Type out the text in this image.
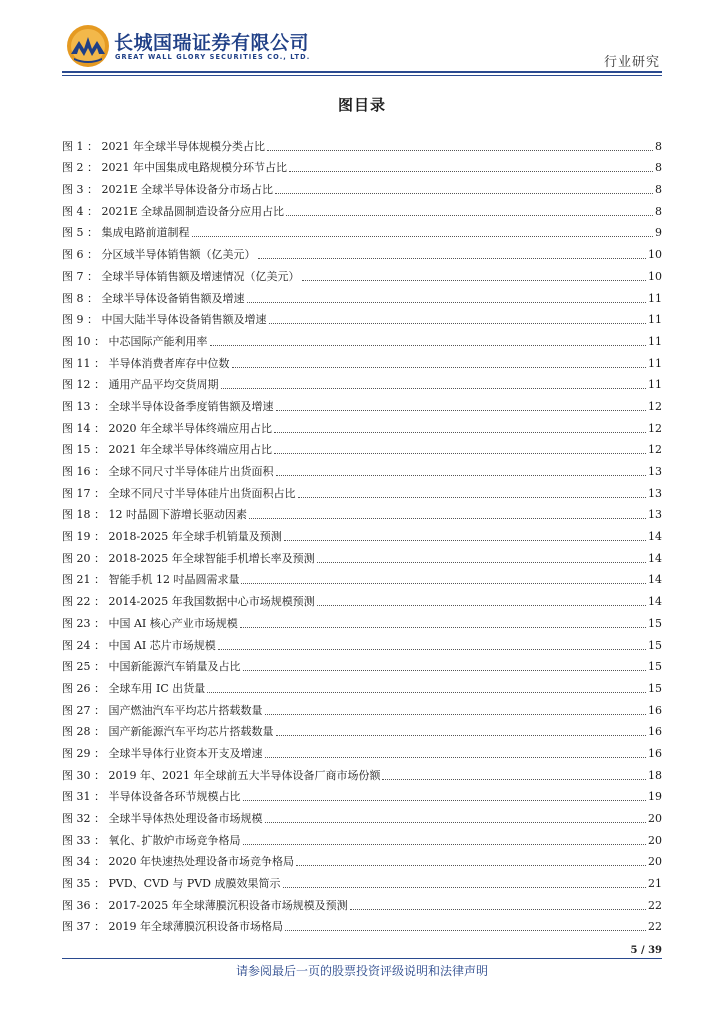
长城国瑞证券有限公司
GREAT WALL GLORY SECURITIES CO., LTD.	行业研究
图目录
图 1 ： 2021 年全球半导体规模分类占比	8
图 2 ： 2021 年中国集成电路规模分环节占比	8
图 3 ： 2021E 全球半导体设备分市场占比	8
图 4 ： 2021E 全球晶圆制造设备分应用占比	8
图 5 ： 集成电路前道制程	9
图 6 ： 分区域半导体销售额（亿美元）	10
图 7 ： 全球半导体销售额及增速情况（亿美元）	10
图 8 ： 全球半导体设备销售额及增速	11
图 9 ： 中国大陆半导体设备销售额及增速	11
图 10 ： 中芯国际产能利用率	11
图 11 ： 半导体消费者库存中位数	11
图 12 ： 通用产品平均交货周期	11
图 13 ： 全球半导体设备季度销售额及增速	12
图 14 ： 2020 年全球半导体终端应用占比	12
图 15 ： 2021 年全球半导体终端应用占比	12
图 16 ： 全球不同尺寸半导体硅片出货面积	13
图 17 ： 全球不同尺寸半导体硅片出货面积占比	13
图 18 ： 12 吋晶圆下游增长驱动因素	13
图 19 ： 2018-2025 年全球手机销量及预测	14
图 20 ： 2018-2025 年全球智能手机增长率及预测	14
图 21 ： 智能手机 12 吋晶圆需求量	14
图 22 ： 2014-2025 年我国数据中心市场规模预测	14
图 23 ： 中国 AI 核心产业市场规模	15
图 24 ： 中国 AI 芯片市场规模	15
图 25 ： 中国新能源汽车销量及占比	15
图 26 ： 全球车用 IC 出货量	15
图 27 ： 国产燃油汽车平均芯片搭载数量	16
图 28 ： 国产新能源汽车平均芯片搭载数量	16
图 29 ： 全球半导体行业资本开支及增速	16
图 30 ： 2019 年、2021 年全球前五大半导体设备厂商市场份额	18
图 31 ： 半导体设备各环节规模占比	19
图 32 ： 全球半导体热处理设备市场规模	20
图 33 ： 氧化、扩散炉市场竞争格局	20
图 34 ： 2020 年快速热处理设备市场竞争格局	20
图 35 ： PVD、CVD 与 PVD 成膜效果简示	21
图 36 ： 2017-2025 年全球薄膜沉积设备市场规模及预测	22
图 37 ： 2019 年全球薄膜沉积设备市场格局	22
5 / 39
请参阅最后一页的股票投资评级说明和法律声明
